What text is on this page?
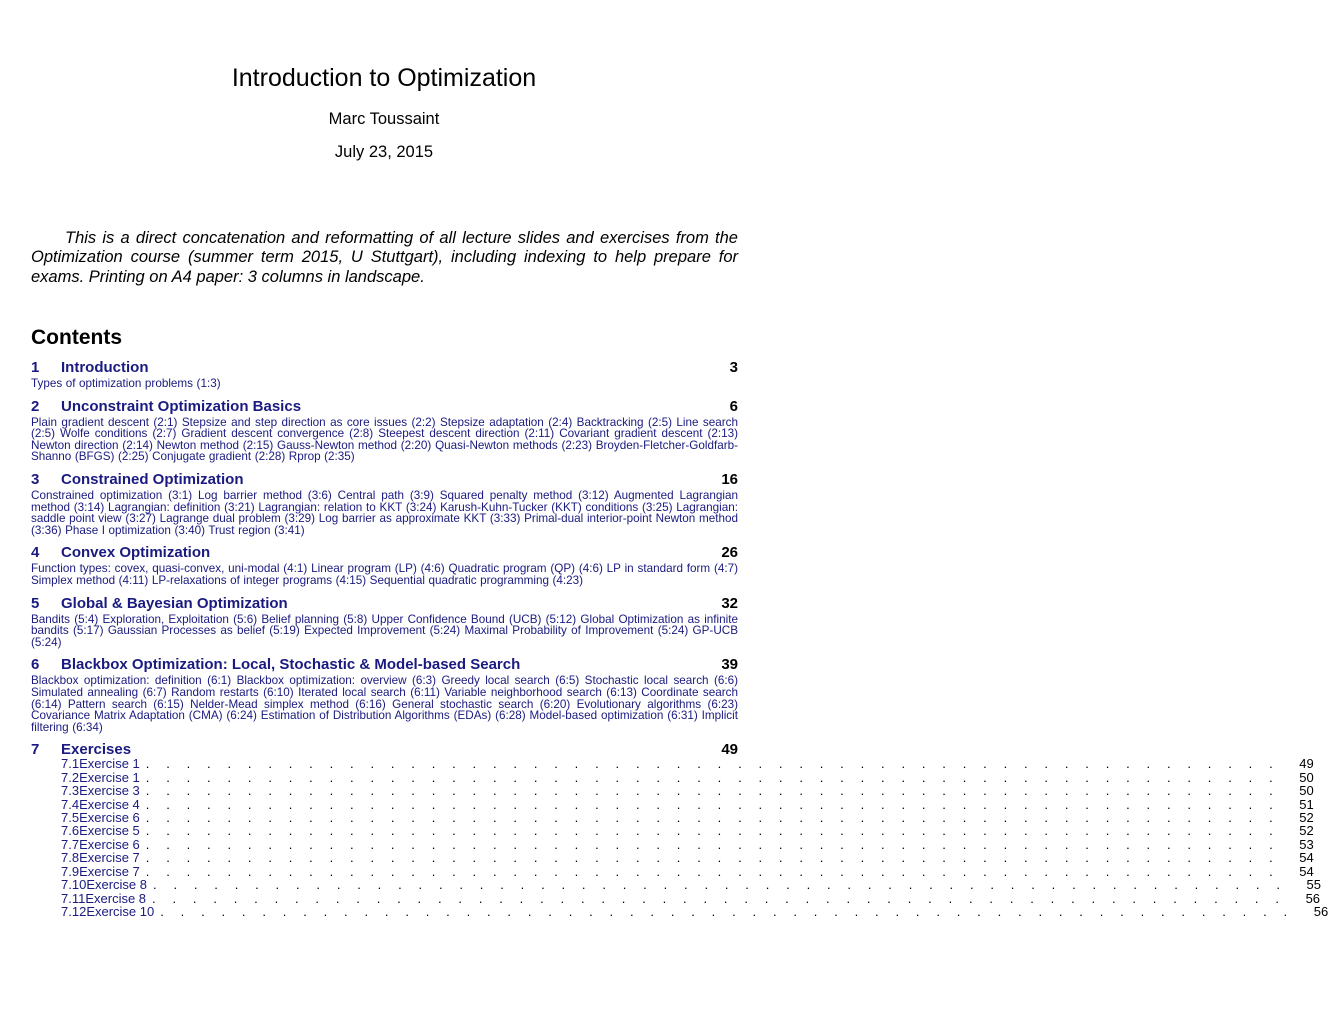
Introduction to Optimization
Marc Toussaint
July 23, 2015

This is a direct concatenation and reformatting of all lecture slides and exercises from the Optimization course (summer term 2015, U Stuttgart), including indexing to help prepare for exams. Printing on A4 paper: 3 columns in landscape.

Contents
1	Introduction	3

Types of optimization problems (1:3)

2	Unconstraint Optimization Basics	6

Plain gradient descent (2:1) Stepsize and step direction as core issues (2:2) Stepsize adaptation (2:4) Backtracking (2:5) Line search (2:5) Wolfe conditions (2:7) Gradient descent convergence (2:8) Steepest descent direction (2:11) Covariant gradient descent (2:13) Newton direction (2:14) Newton method (2:15) Gauss-Newton method (2:20) Quasi-Newton methods (2:23) Broyden-Fletcher-Goldfarb-Shanno (BFGS) (2:25) Conjugate gradient (2:28) Rprop (2:35)

3	Constrained Optimization	16

Constrained optimization (3:1) Log barrier method (3:6) Central path (3:9) Squared penalty method (3:12) Augmented Lagrangian method (3:14) Lagrangian: definition (3:21) Lagrangian: relation to KKT (3:24) Karush-Kuhn-Tucker (KKT) conditions (3:25) Lagrangian: saddle point view (3:27) Lagrange dual problem (3:29) Log barrier as approximate KKT (3:33) Primal-dual interior-point Newton method (3:36) Phase I optimization (3:40) Trust region (3:41)

4	Convex Optimization	26

Function types: covex, quasi-convex, uni-modal (4:1) Linear program (LP) (4:6) Quadratic program (QP) (4:6) LP in standard form (4:7) Simplex method (4:11) LP-relaxations of integer programs (4:15) Sequential quadratic programming (4:23)

5	Global & Bayesian Optimization	32

Bandits (5:4) Exploration, Exploitation (5:6) Belief planning (5:8) Upper Confidence Bound (UCB) (5:12) Global Optimization as infinite bandits (5:17) Gaussian Processes as belief (5:19) Expected Improvement (5:24) Maximal Probability of Improvement (5:24) GP-UCB (5:24)

6	Blackbox Optimization: Local, Stochastic & Model-based Search	39

Blackbox optimization: definition (6:1) Blackbox optimization: overview (6:3) Greedy local search (6:5) Stochastic local search (6:6) Simulated annealing (6:7) Random restarts (6:10) Iterated local search (6:11) Variable neighborhood search (6:13) Coordinate search (6:14) Pattern search (6:15) Nelder-Mead simplex method (6:16) General stochastic search (6:20) Evolutionary algorithms (6:23) Covariance Matrix Adaptation (CMA) (6:24) Estimation of Distribution Algorithms (EDAs) (6:28) Model-based optimization (6:31) Implicit filtering (6:34)

7	Exercises	49
7.1 Exercise 1 . . . . . . . . . . . . . . . . . . . . . . . . . . . . . . . . . . . . . . . . . . . . . . . . . . . . . . . . 49
7.2 Exercise 1 . . . . . . . . . . . . . . . . . . . . . . . . . . . . . . . . . . . . . . . . . . . . . . . . . . . . . . . . 50
7.3 Exercise 3 . . . . . . . . . . . . . . . . . . . . . . . . . . . . . . . . . . . . . . . . . . . . . . . . . . . . . . . . 50
7.4 Exercise 4 . . . . . . . . . . . . . . . . . . . . . . . . . . . . . . . . . . . . . . . . . . . . . . . . . . . . . . . . 51
7.5 Exercise 6 . . . . . . . . . . . . . . . . . . . . . . . . . . . . . . . . . . . . . . . . . . . . . . . . . . . . . . . . 52
7.6 Exercise 5 . . . . . . . . . . . . . . . . . . . . . . . . . . . . . . . . . . . . . . . . . . . . . . . . . . . . . . . . 52
7.7 Exercise 6 . . . . . . . . . . . . . . . . . . . . . . . . . . . . . . . . . . . . . . . . . . . . . . . . . . . . . . . . 53
7.8 Exercise 7 . . . . . . . . . . . . . . . . . . . . . . . . . . . . . . . . . . . . . . . . . . . . . . . . . . . . . . . . 54
7.9 Exercise 7 . . . . . . . . . . . . . . . . . . . . . . . . . . . . . . . . . . . . . . . . . . . . . . . . . . . . . . . . 54
7.10 Exercise 8 . . . . . . . . . . . . . . . . . . . . . . . . . . . . . . . . . . . . . . . . . . . . . . . . . . . . . . . . 55
7.11 Exercise 8 . . . . . . . . . . . . . . . . . . . . . . . . . . . . . . . . . . . . . . . . . . . . . . . . . . . . . . . . 56
7.12 Exercise 10 . . . . . . . . . . . . . . . . . . . . . . . . . . . . . . . . . . . . . . . . . . . . . . . . . . . . . . . . 56
